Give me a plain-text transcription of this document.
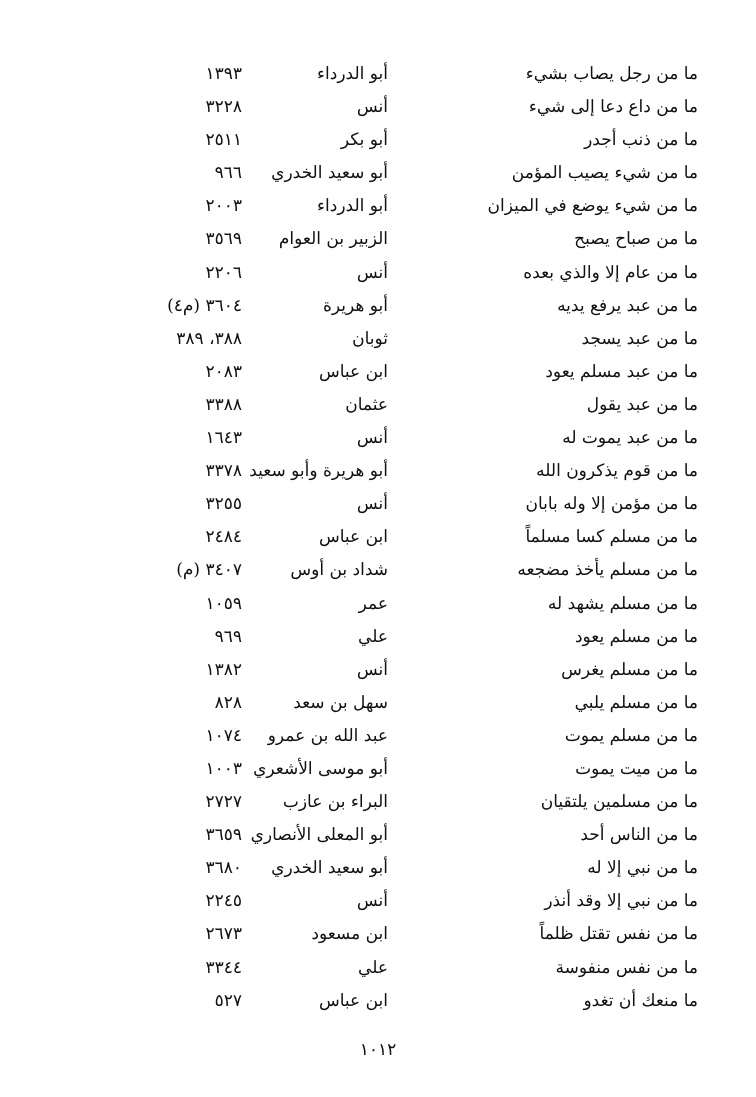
ما من رجل يصاب بشيء
أبو الدرداء
١٣٩٣
ما من داع دعا إلى شيء
أنس
٣٢٢٨
ما من ذنب أجدر
أبو بكر
٢٥١١
ما من شيء يصيب المؤمن
أبو سعيد الخدري
٩٦٦
ما من شيء يوضع في الميزان
أبو الدرداء
٢٠٠٣
ما من صباح يصبح
الزبير بن العوام
٣٥٦٩
ما من عام إلا والذي بعده
أنس
٢٢٠٦
ما من عبد يرفع يديه
أبو هريرة
٣٦٠٤ (م٤)
ما من عبد يسجد
ثوبان
٣٨٨، ٣٨٩
ما من عبد مسلم يعود
ابن عباس
٢٠٨٣
ما من عبد يقول
عثمان
٣٣٨٨
ما من عبد يموت له
أنس
١٦٤٣
ما من قوم يذكرون الله
أبو هريرة وأبو سعيد
٣٣٧٨
ما من مؤمن إلا وله بابان
أنس
٣٢٥٥
ما من مسلم كسا مسلماً
ابن عباس
٢٤٨٤
ما من مسلم يأخذ مضجعه
شداد بن أوس
٣٤٠٧ (م)
ما من مسلم يشهد له
عمر
١٠٥٩
ما من مسلم يعود
علي
٩٦٩
ما من مسلم يغرس
أنس
١٣٨٢
ما من مسلم يلبي
سهل بن سعد
٨٢٨
ما من مسلم يموت
عبد الله بن عمرو
١٠٧٤
ما من ميت يموت
أبو موسى الأشعري
١٠٠٣
ما من مسلمين يلتقيان
البراء بن عازب
٢٧٢٧
ما من الناس أحد
أبو المعلى الأنصاري
٣٦٥٩
ما من نبي إلا له
أبو سعيد الخدري
٣٦٨٠
ما من نبي إلا وقد أنذر
أنس
٢٢٤٥
ما من نفس تقتل ظلماً
ابن مسعود
٢٦٧٣
ما من نفس منفوسة
علي
٣٣٤٤
ما منعك أن تغدو
ابن عباس
٥٢٧
١٠١٢
